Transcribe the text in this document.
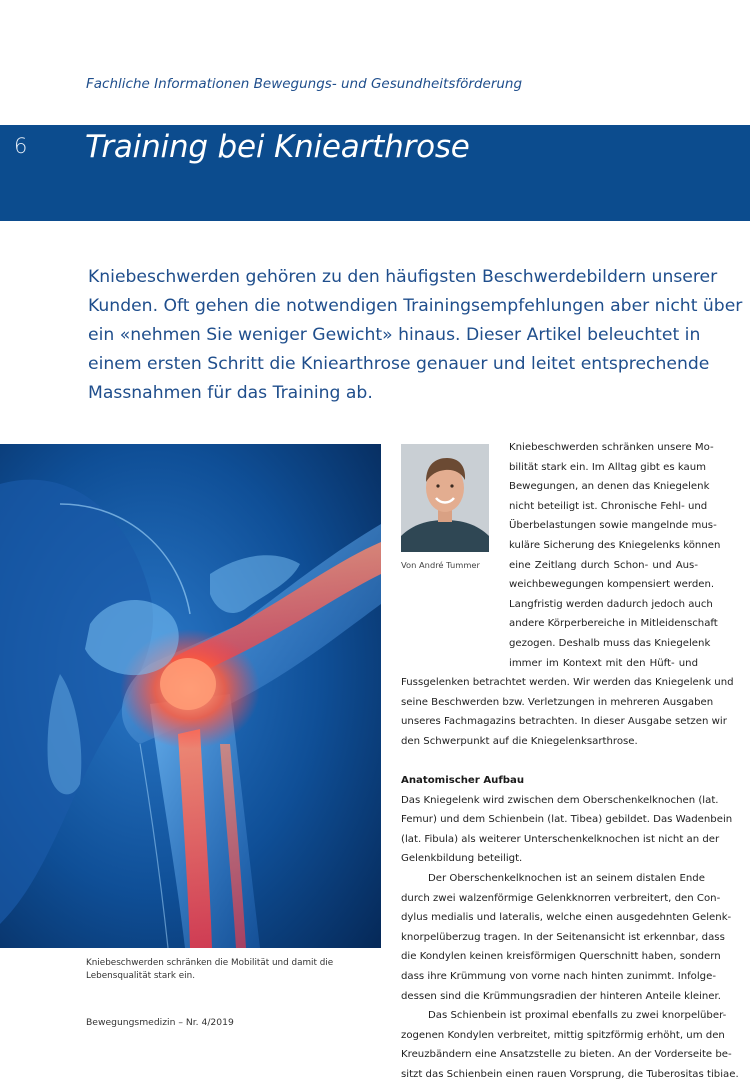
Fachliche Informationen Bewegungs- und Gesundheitsförderung
6 Training bei Kniearthrose
Kniebeschwerden gehören zu den häufigsten Beschwerdebildern unserer
Kunden. Oft gehen die notwendigen Trainingsempfehlungen aber nicht über
ein «nehmen Sie weniger Gewicht» hinaus. Dieser Artikel beleuchtet in
einem ersten Schritt die Kniearthrose genauer und leitet entsprechende
Massnahmen für das Training ab.
Kniebeschwerden schränken die Mobilität und damit die Lebensqualität stark ein.
Von André Tummer
Kniebeschwerden schränken unsere Mo-
bilität stark ein. Im Alltag gibt es kaum
Bewegungen, an denen das Kniegelenk
nicht beteiligt ist. Chronische Fehl- und
Überbelastungen sowie mangelnde mus-
kuläre Sicherung des Kniegelenks können
eine Zeitlang durch Schon- und Aus-
weichbewegungen kompensiert werden.
Langfristig werden dadurch jedoch auch
andere Körperbereiche in Mitleidenschaft
gezogen. Deshalb muss das Kniegelenk
immer im Kontext mit den Hüft- und
Fussgelenken betrachtet werden. Wir werden das Kniegelenk und
seine Beschwerden bzw. Verletzungen in mehreren Ausgaben
unseres Fachmagazins betrachten. In dieser Ausgabe setzen wir
den Schwerpunkt auf die Kniegelenksarthrose.
Anatomischer Aufbau
Das Kniegelenk wird zwischen dem Oberschenkelknochen (lat.
Femur) und dem Schienbein (lat. Tibea) gebildet. Das Wadenbein
(lat. Fibula) als weiterer Unterschenkelknochen ist nicht an der
Gelenkbildung beteiligt.
Der Oberschenkelknochen ist an seinem distalen Ende
durch zwei walzenförmige Gelenkknorren verbreitert, den Con-
dylus medialis und lateralis, welche einen ausgedehnten Gelenk-
knorpelüberzug tragen. In der Seitenansicht ist erkennbar, dass
die Kondylen keinen kreisförmigen Querschnitt haben, sondern
dass ihre Krümmung von vorne nach hinten zunimmt. Infolge-
dessen sind die Krümmungsradien der hinteren Anteile kleiner.
Das Schienbein ist proximal ebenfalls zu zwei knorpelüber-
zogenen Kondylen verbreitet, mittig spitzförmig erhöht, um den
Kreuzbändern eine Ansatzstelle zu bieten. An der Vorderseite be-
sitzt das Schienbein einen rauen Vorsprung, die Tuberositas tibiae.
Bewegungsmedizin – Nr. 4/2019
